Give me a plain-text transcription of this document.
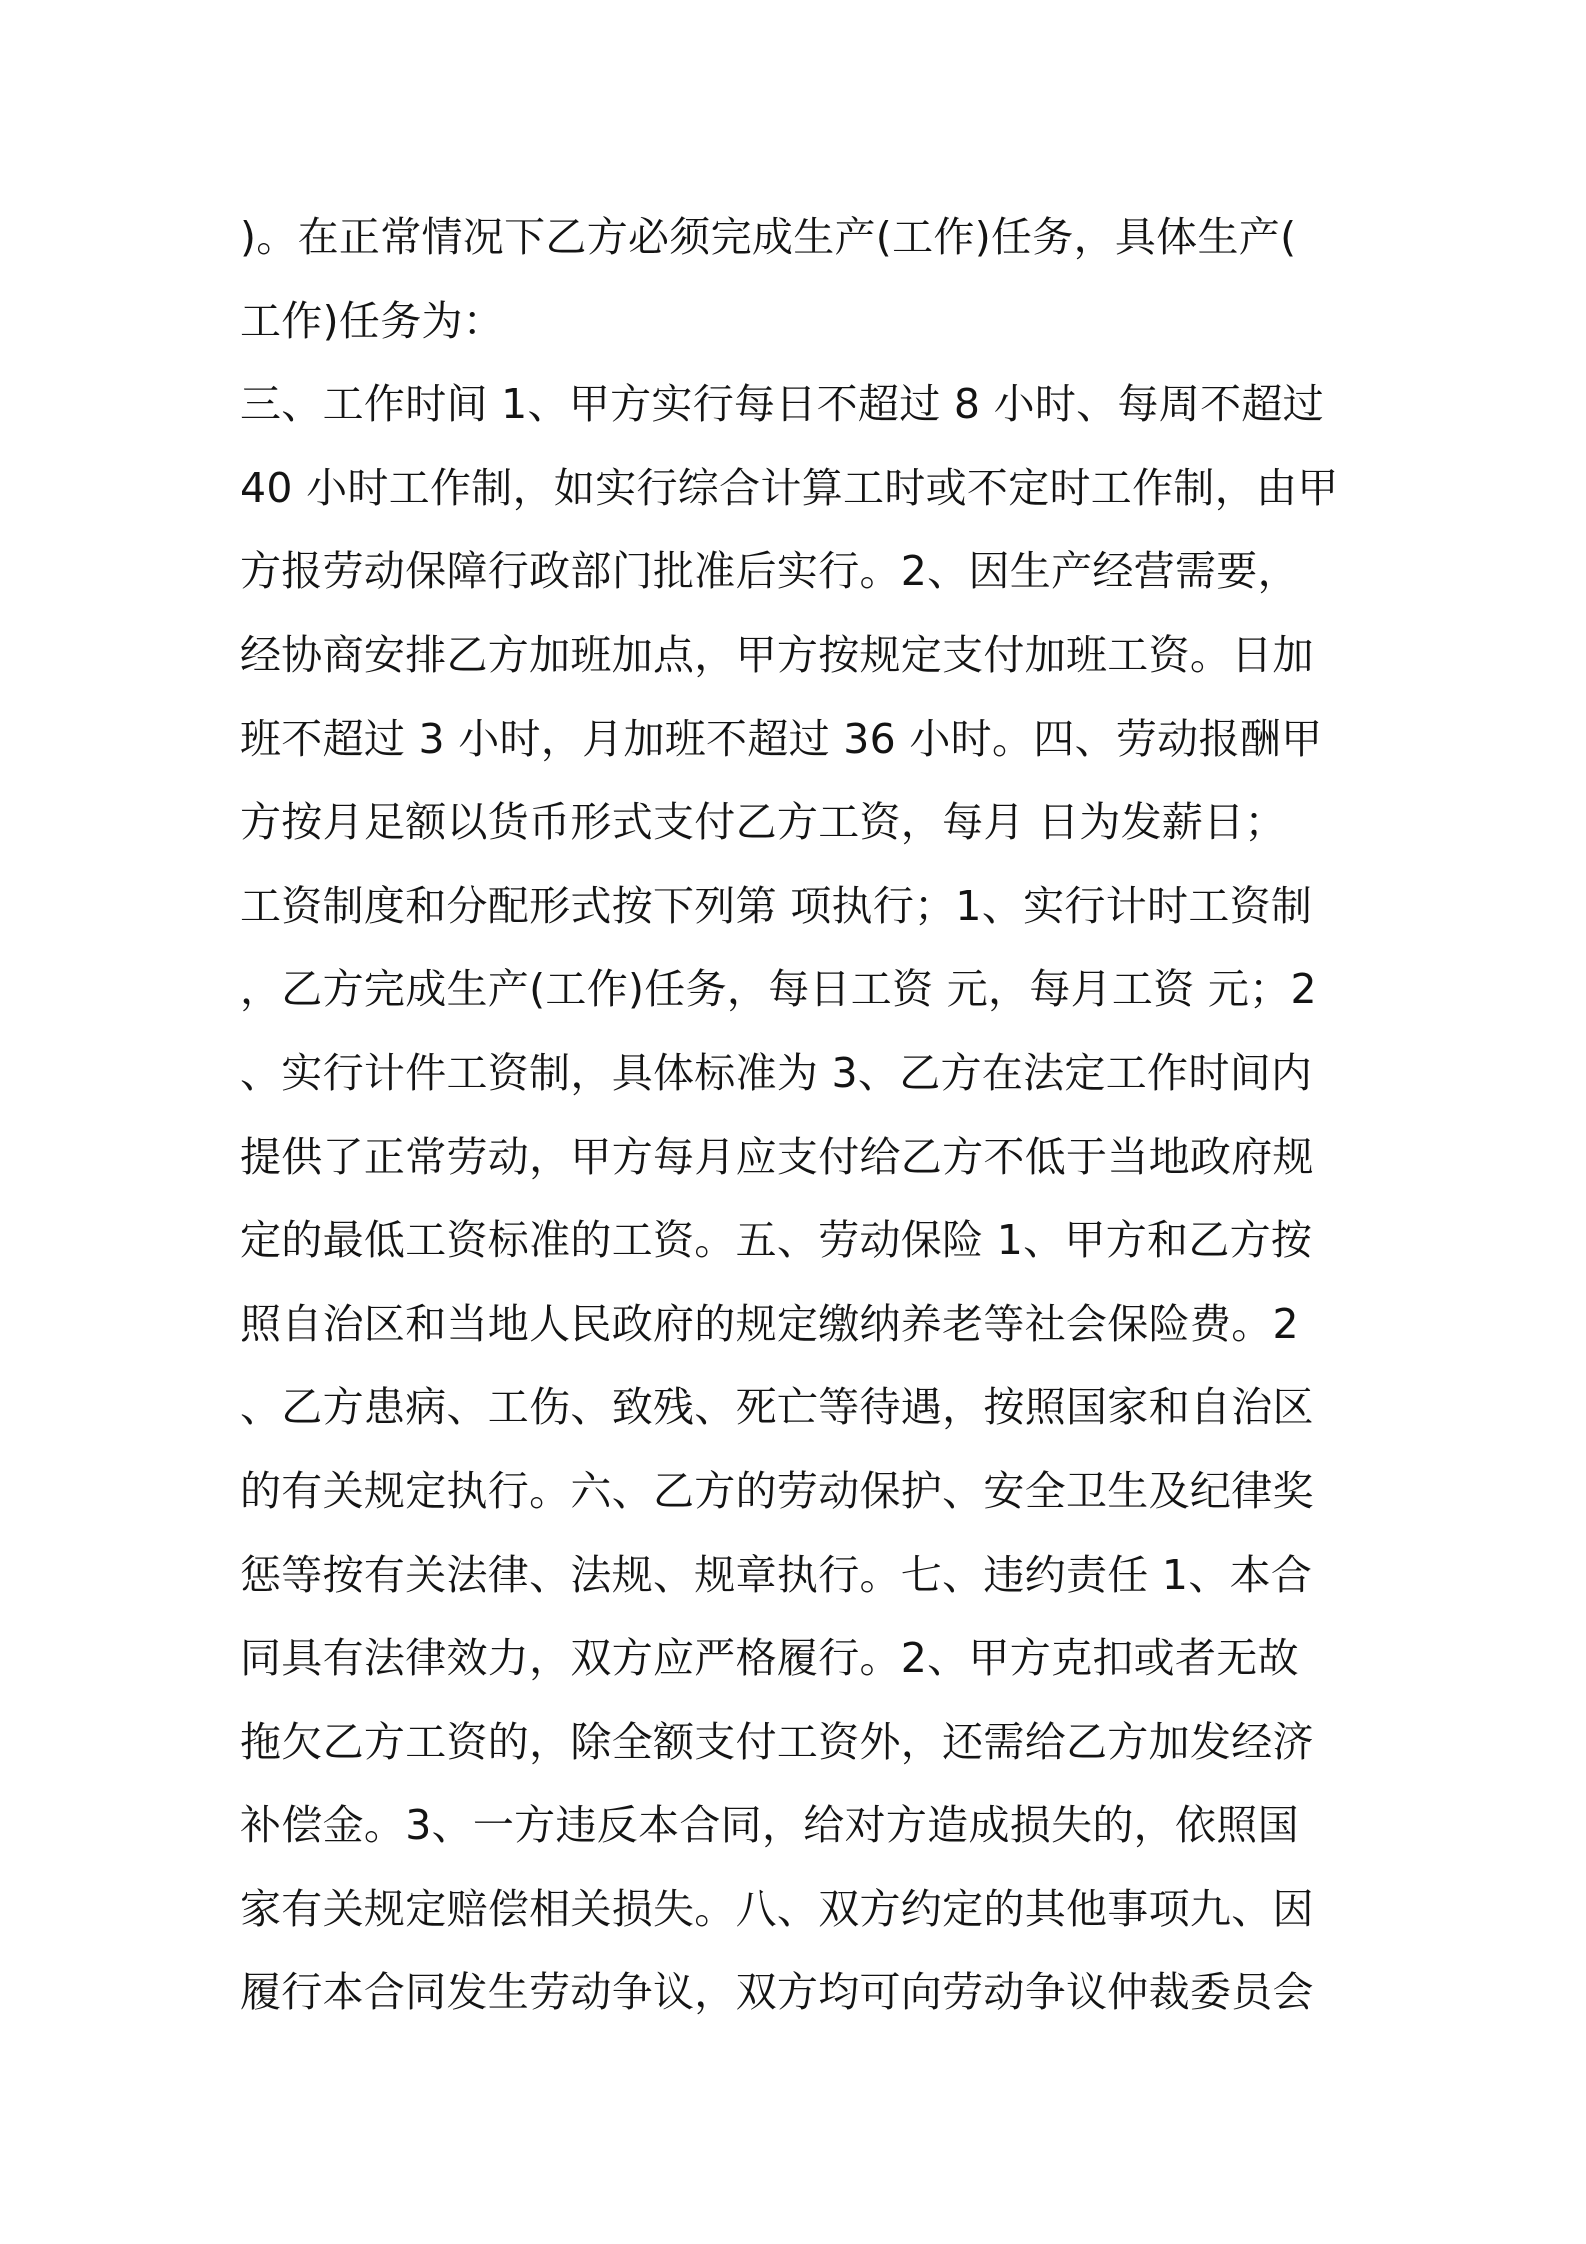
)。在正常情况下乙方必须完成生产(工作)任务，具体生产(
工作)任务为：
三、工作时间 1、甲方实行每日不超过 8 小时、每周不超过
40 小时工作制，如实行综合计算工时或不定时工作制，由甲
方报劳动保障行政部门批准后实行。2、因生产经营需要，
经协商安排乙方加班加点，甲方按规定支付加班工资。日加
班不超过 3 小时，月加班不超过 36 小时。四、劳动报酬甲
方按月足额以货币形式支付乙方工资，每月 日为发薪日；
工资制度和分配形式按下列第 项执行；1、实行计时工资制
，乙方完成生产(工作)任务，每日工资 元，每月工资 元；2
、实行计件工资制，具体标准为 3、乙方在法定工作时间内
提供了正常劳动，甲方每月应支付给乙方不低于当地政府规
定的最低工资标准的工资。五、劳动保险 1、甲方和乙方按
照自治区和当地人民政府的规定缴纳养老等社会保险费。2
、乙方患病、工伤、致残、死亡等待遇，按照国家和自治区
的有关规定执行。六、乙方的劳动保护、安全卫生及纪律奖
惩等按有关法律、法规、规章执行。七、违约责任 1、本合
同具有法律效力，双方应严格履行。2、甲方克扣或者无故
拖欠乙方工资的，除全额支付工资外，还需给乙方加发经济
补偿金。3、一方违反本合同，给对方造成损失的，依照国
家有关规定赔偿相关损失。八、双方约定的其他事项九、因
履行本合同发生劳动争议，双方均可向劳动争议仲裁委员会
